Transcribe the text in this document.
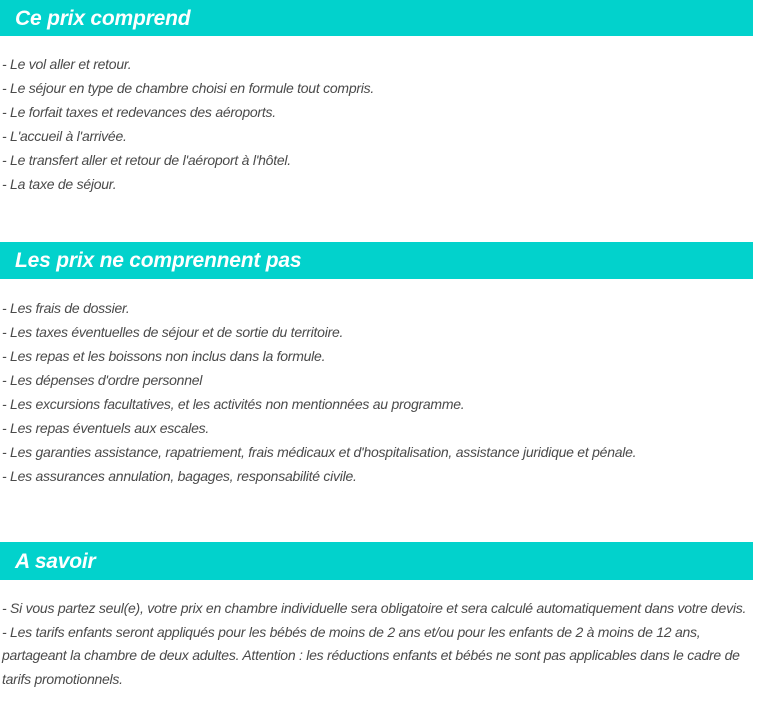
Ce prix comprend
- Le vol aller et retour.
- Le séjour en type de chambre choisi en formule tout compris.
- Le forfait taxes et redevances des aéroports.
- L'accueil à l'arrivée.
- Le transfert aller et retour de l'aéroport à l'hôtel.
- La taxe de séjour.
Les prix ne comprennent pas
- Les frais de dossier.
- Les taxes éventuelles de séjour et de sortie du territoire.
- Les repas et les boissons non inclus dans la formule.
- Les dépenses d'ordre personnel
- Les excursions facultatives, et les activités non mentionnées au programme.
- Les repas éventuels aux escales.
- Les garanties assistance, rapatriement, frais médicaux et d'hospitalisation, assistance juridique et pénale.
- Les assurances annulation, bagages, responsabilité civile.
A savoir
- Si vous partez seul(e), votre prix en chambre individuelle sera obligatoire et sera calculé automatiquement dans votre devis.
- Les tarifs enfants seront appliqués pour les bébés de moins de 2 ans et/ou pour les enfants de 2 à moins de 12 ans, partageant la chambre de deux adultes. Attention : les réductions enfants et bébés ne sont pas applicables dans le cadre de tarifs promotionnels.
